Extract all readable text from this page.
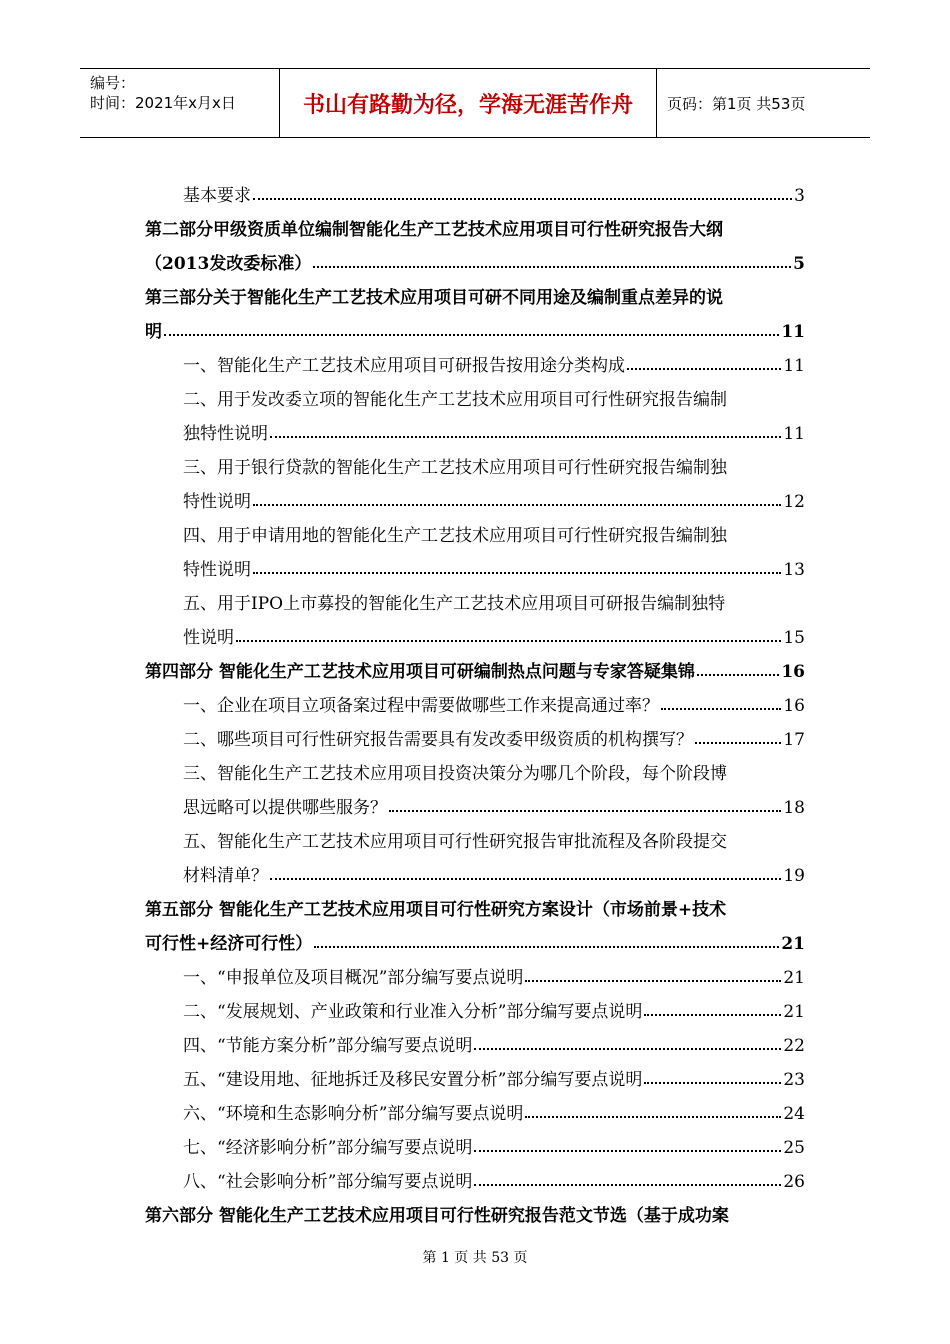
编号：
时间：2021年x月x日	书山有路勤为径，学海无涯苦作舟	页码：第1页 共53页
基本要求	3
第二部分甲级资质单位编制智能化生产工艺技术应用项目可行性研究报告大纲
（2013发改委标准）	5
第三部分关于智能化生产工艺技术应用项目可研不同用途及编制重点差异的说
明	11
一、智能化生产工艺技术应用项目可研报告按用途分类构成	11
二、用于发改委立项的智能化生产工艺技术应用项目可行性研究报告编制
独特性说明	11
三、用于银行贷款的智能化生产工艺技术应用项目可行性研究报告编制独
特性说明	12
四、用于申请用地的智能化生产工艺技术应用项目可行性研究报告编制独
特性说明	13
五、用于IPO上市募投的智能化生产工艺技术应用项目可研报告编制独特
性说明	15
第四部分 智能化生产工艺技术应用项目可研编制热点问题与专家答疑集锦	16
一、企业在项目立项备案过程中需要做哪些工作来提高通过率？	16
二、哪些项目可行性研究报告需要具有发改委甲级资质的机构撰写？	17
三、智能化生产工艺技术应用项目投资决策分为哪几个阶段，每个阶段博
思远略可以提供哪些服务？	18
五、智能化生产工艺技术应用项目可行性研究报告审批流程及各阶段提交
材料清单？	19
第五部分 智能化生产工艺技术应用项目可行性研究方案设计（市场前景+技术
可行性+经济可行性）	21
一、“申报单位及项目概况”部分编写要点说明	21
二、“发展规划、产业政策和行业准入分析”部分编写要点说明	21
四、“节能方案分析”部分编写要点说明	22
五、“建设用地、征地拆迁及移民安置分析”部分编写要点说明	23
六、“环境和生态影响分析”部分编写要点说明	24
七、“经济影响分析”部分编写要点说明	25
八、“社会影响分析”部分编写要点说明	26
第六部分 智能化生产工艺技术应用项目可行性研究报告范文节选（基于成功案
第 1 页 共 53 页
